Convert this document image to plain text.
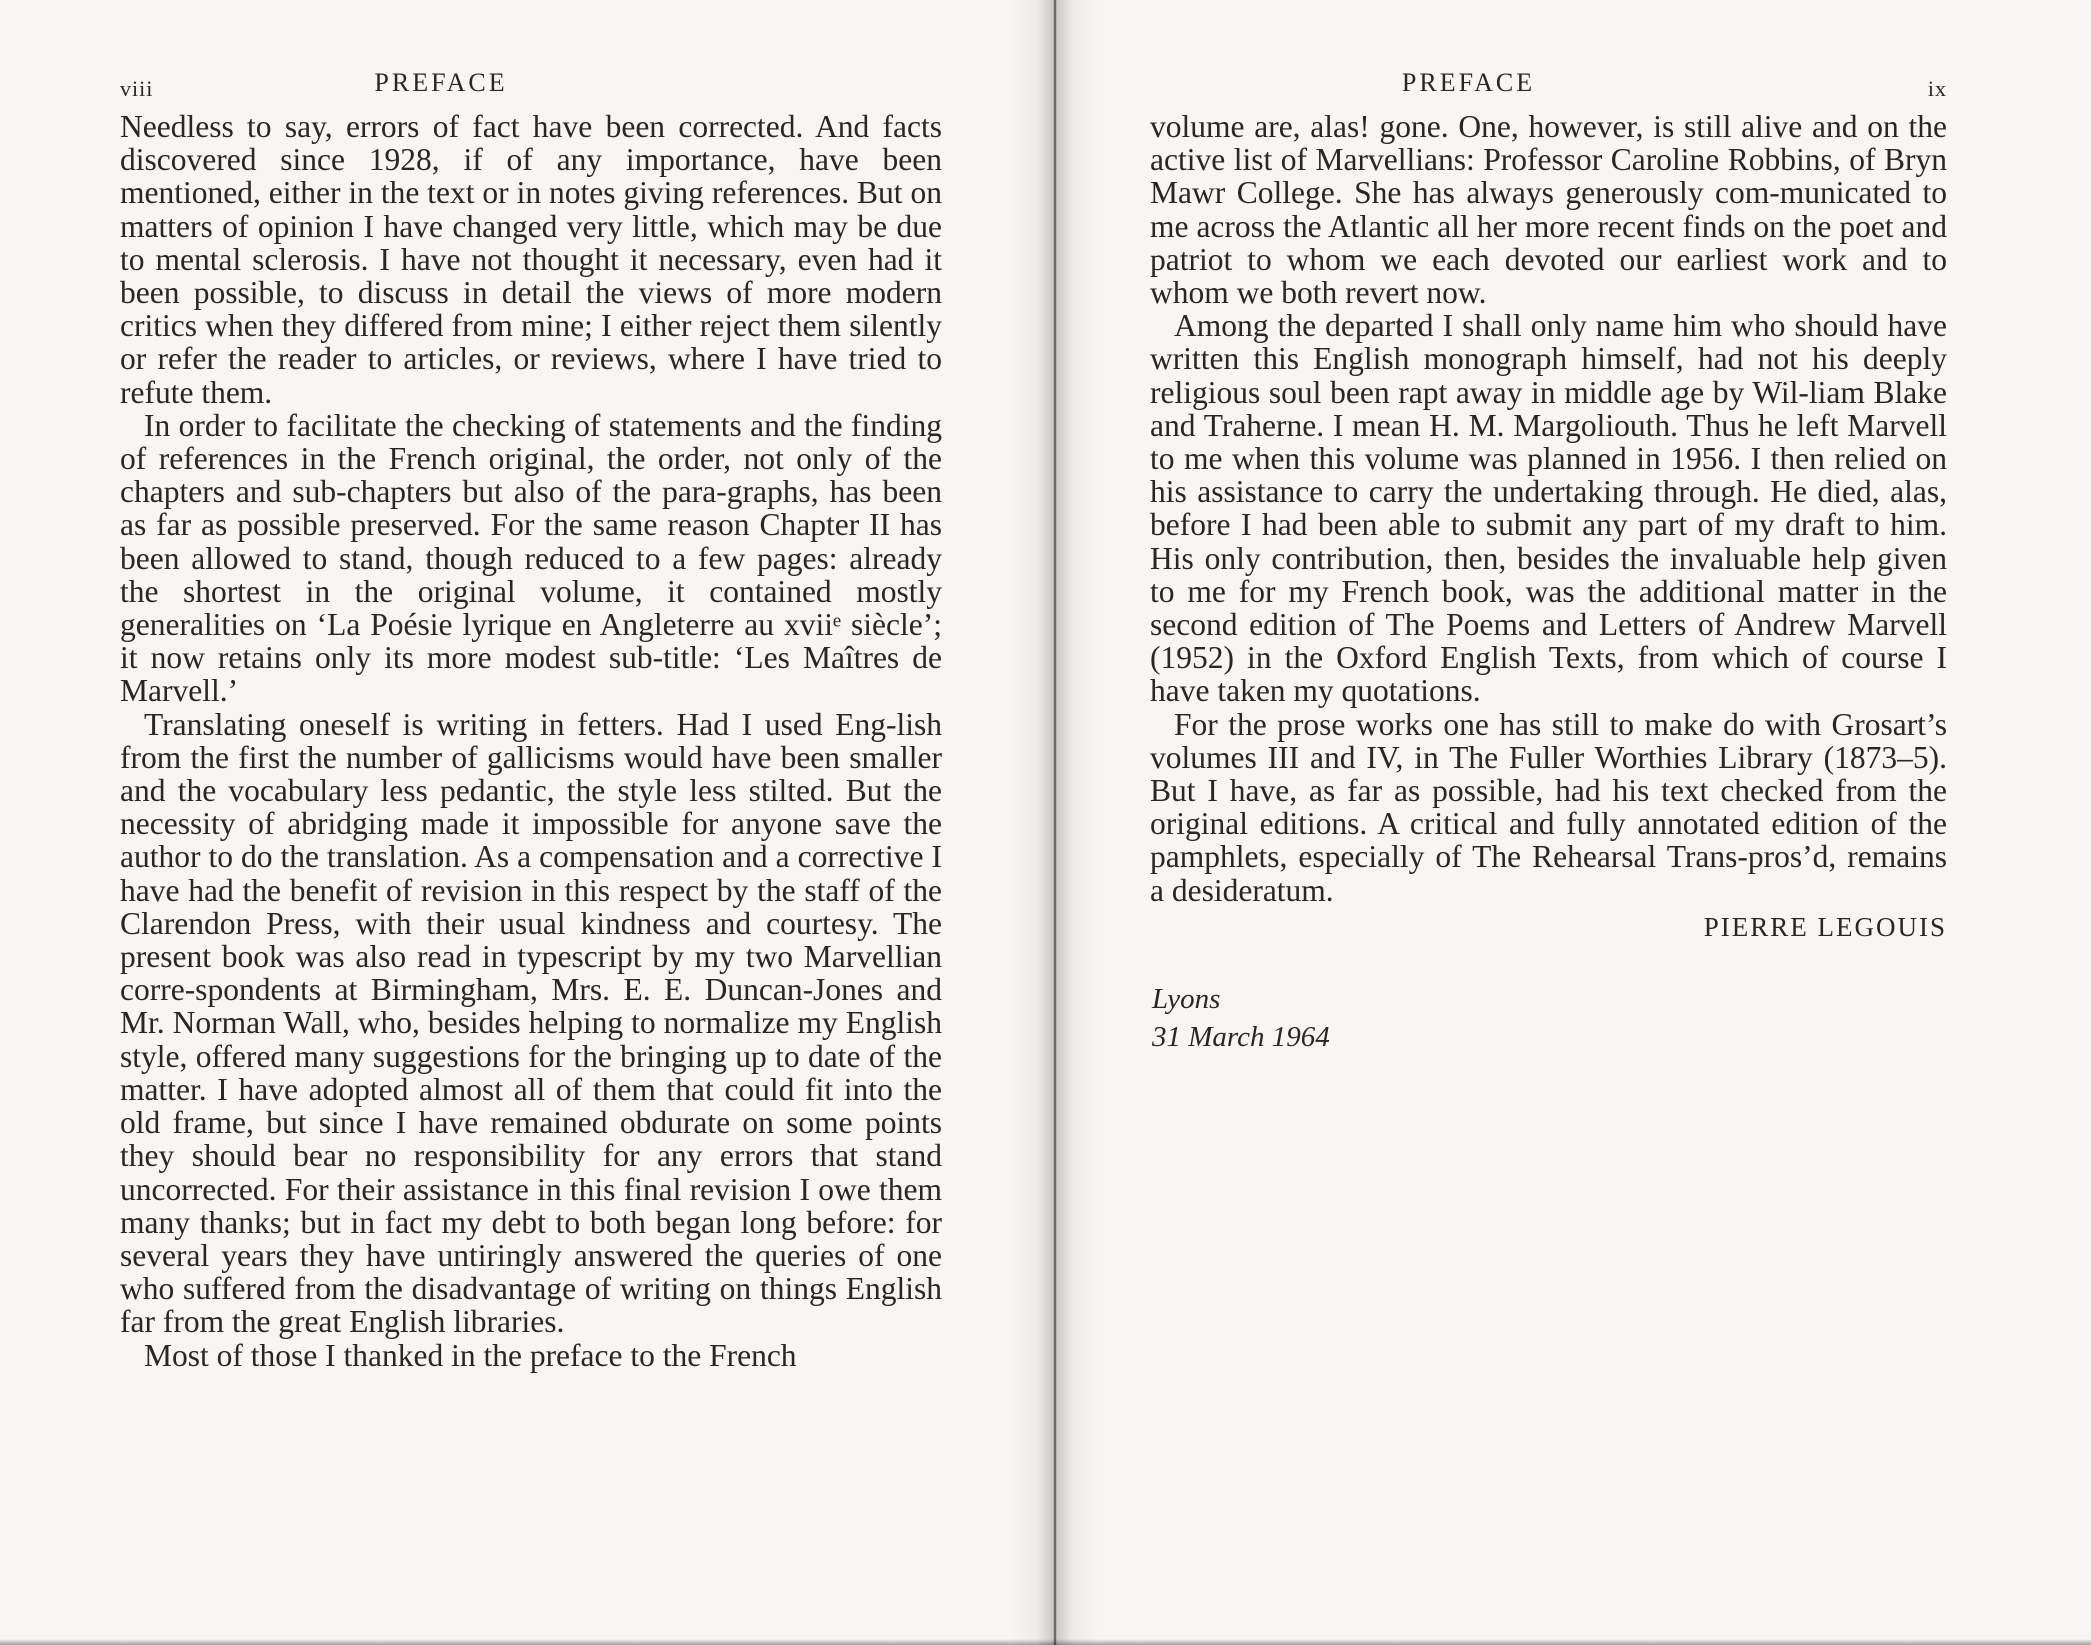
viii	PREFACE

Needless to say, errors of fact have been corrected. And facts discovered since 1928, if of any importance, have been mentioned, either in the text or in notes giving references. But on matters of opinion I have changed very little, which may be due to mental sclerosis. I have not thought it necessary, even had it been possible, to discuss in detail the views of more modern critics when they differed from mine; I either reject them silently or refer the reader to articles, or reviews, where I have tried to refute them.

In order to facilitate the checking of statements and the finding of references in the French original, the order, not only of the chapters and sub-chapters but also of the para-graphs, has been as far as possible preserved. For the same reason Chapter II has been allowed to stand, though reduced to a few pages: already the shortest in the original volume, it contained mostly generalities on ‘La Poésie lyrique en Angleterre au xviiᵉ siècle’; it now retains only its more modest sub-title: ‘Les Maîtres de Marvell.’

Translating oneself is writing in fetters. Had I used Eng-lish from the first the number of gallicisms would have been smaller and the vocabulary less pedantic, the style less stilted. But the necessity of abridging made it impossible for anyone save the author to do the translation. As a compensation and a corrective I have had the benefit of revision in this respect by the staff of the Clarendon Press, with their usual kindness and courtesy. The present book was also read in typescript by my two Marvellian corre-spondents at Birmingham, Mrs. E. E. Duncan-Jones and Mr. Norman Wall, who, besides helping to normalize my English style, offered many suggestions for the bringing up to date of the matter. I have adopted almost all of them that could fit into the old frame, but since I have remained obdurate on some points they should bear no responsibility for any errors that stand uncorrected. For their assistance in this final revision I owe them many thanks; but in fact my debt to both began long before: for several years they have untiringly answered the queries of one who suffered from the disadvantage of writing on things English far from the great English libraries.

Most of those I thanked in the preface to the French

PREFACE	ix

volume are, alas! gone. One, however, is still alive and on the active list of Marvellians: Professor Caroline Robbins, of Bryn Mawr College. She has always generously com-municated to me across the Atlantic all her more recent finds on the poet and patriot to whom we each devoted our earliest work and to whom we both revert now.

Among the departed I shall only name him who should have written this English monograph himself, had not his deeply religious soul been rapt away in middle age by Wil-liam Blake and Traherne. I mean H. M. Margoliouth. Thus he left Marvell to me when this volume was planned in 1956. I then relied on his assistance to carry the undertaking through. He died, alas, before I had been able to submit any part of my draft to him. His only contribution, then, besides the invaluable help given to me for my French book, was the additional matter in the second edition of The Poems and Letters of Andrew Marvell (1952) in the Oxford English Texts, from which of course I have taken my quotations.

For the prose works one has still to make do with Grosart’s volumes III and IV, in The Fuller Worthies Library (1873–5). But I have, as far as possible, had his text checked from the original editions. A critical and fully annotated edition of the pamphlets, especially of The Rehearsal Trans-pros’d, remains a desideratum.

PIERRE LEGOUIS
Lyons
31 March 1964
